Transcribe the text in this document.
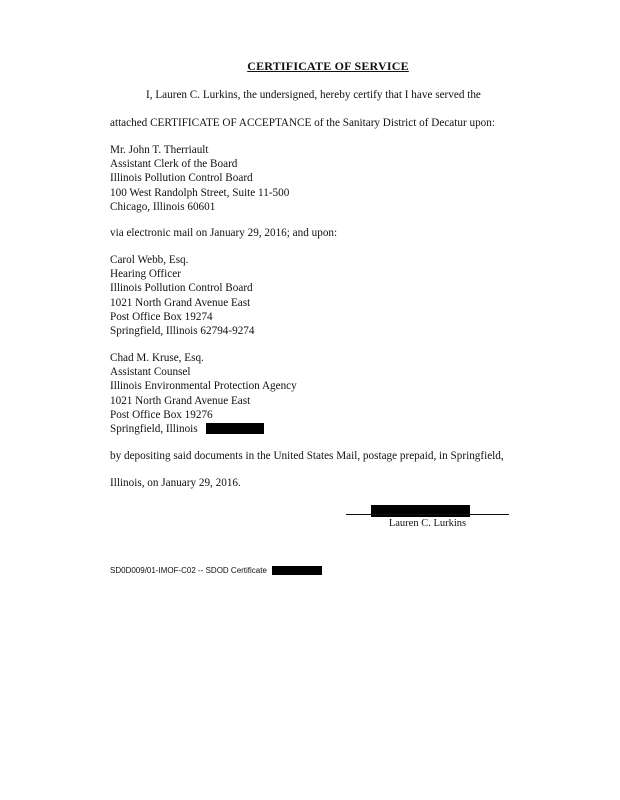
CERTIFICATE OF SERVICE
I, Lauren C. Lurkins, the undersigned, hereby certify that I have served the
attached CERTIFICATE OF ACCEPTANCE of the Sanitary District of Decatur upon:
Mr. John T. Therriault
Assistant Clerk of the Board
Illinois Pollution Control Board
100 West Randolph Street, Suite 11-500
Chicago, Illinois 60601
via electronic mail on January 29, 2016; and upon:
Carol Webb, Esq.
Hearing Officer
Illinois Pollution Control Board
1021 North Grand Avenue East
Post Office Box 19274
Springfield, Illinois 62794-9274
Chad M. Kruse, Esq.
Assistant Counsel
Illinois Environmental Protection Agency
1021 North Grand Avenue East
Post Office Box 19276
Springfield, Illinois
by depositing said documents in the United States Mail, postage prepaid, in Springfield,
Illinois, on January 29, 2016.
Lauren C. Lurkins
SD0D009/01-IMOF-C02 -- SDOD Certificate
